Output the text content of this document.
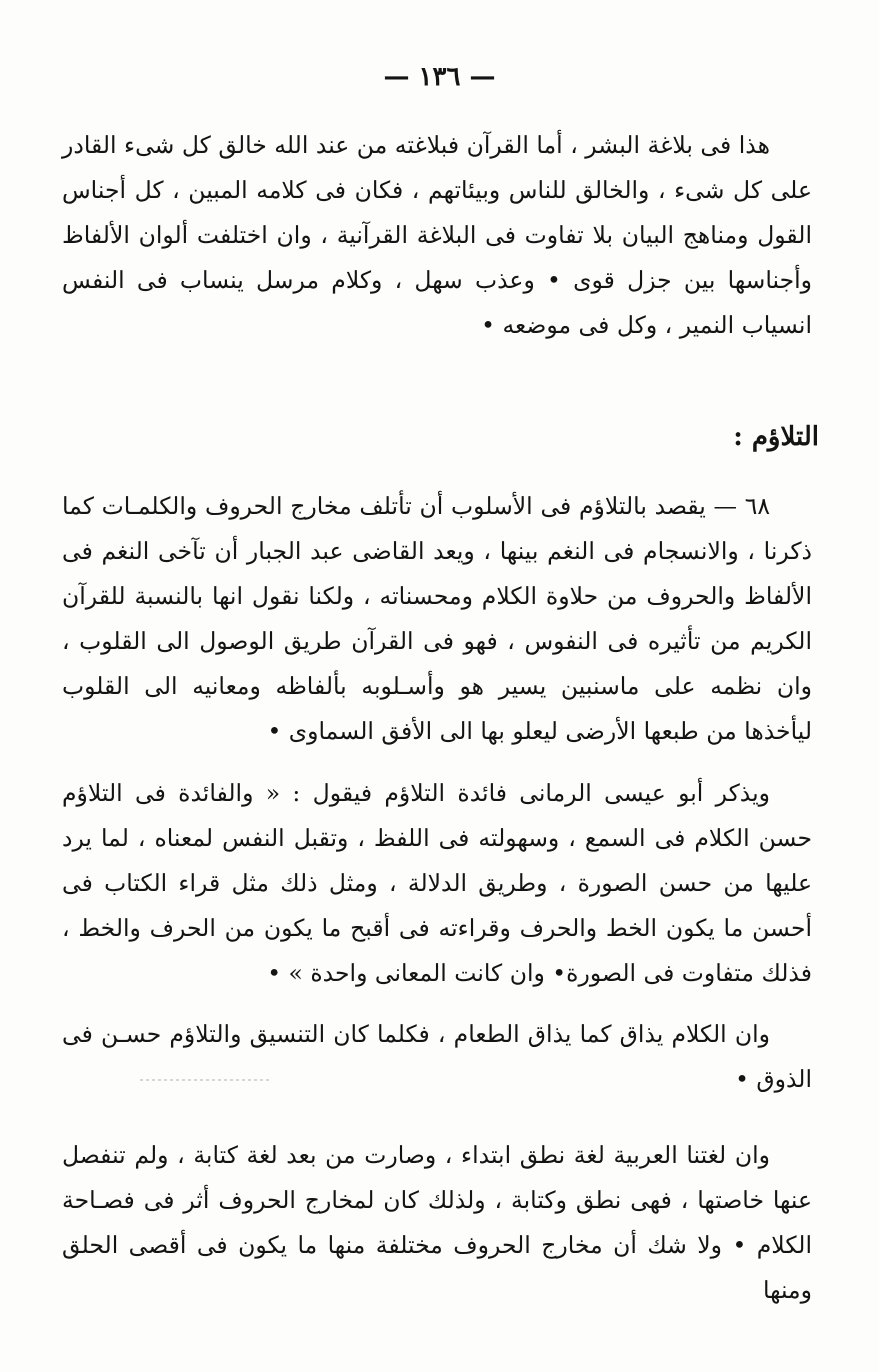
— ١٣٦ —

هذا فى بلاغة البشر ، أما القرآن فبلاغته من عند الله خالق كل شىء القادر على كل شىء ، والخالق للناس وبيئاتهم ، فكان فى كلامه المبين ، كل أجناس القول ومناهج البيان بلا تفاوت فى البلاغة القرآنية ، وان اختلفت ألوان الألفاظ وأجناسها بين جزل قوى • وعذب سهل ، وكلام مرسل ينساب فى النفس انسياب النمير ، وكل فى موضعه •

التلاؤم :

٦٨ — يقصد بالتلاؤم فى الأسلوب أن تأتلف مخارج الحروف والكلمـات كما ذكرنا ، والانسجام فى النغم بينها ، ويعد القاضى عبد الجبار أن تآخى النغم فى الألفاظ والحروف من حلاوة الكلام ومحسناته ، ولكنا نقول انها بالنسبة للقرآن الكريم من تأثيره فى النفوس ، فهو فى القرآن طريق الوصول الى القلوب ، وان نظمه على ماسنبين يسير هو وأسـلوبه بألفاظه ومعانيه الى القلوب ليأخذها من طبعها الأرضى ليعلو بها الى الأفق السماوى •

ويذكر أبو عيسى الرمانى فائدة التلاؤم فيقول : « والفائدة فى التلاؤم حسن الكلام فى السمع ، وسهولته فى اللفظ ، وتقبل النفس لمعناه ، لما يرد عليها من حسن الصورة ، وطريق الدلالة ، ومثل ذلك مثل قراء الكتاب فى أحسن ما يكون الخط والحرف وقراءته فى أقبح ما يكون من الحرف والخط ، فذلك متفاوت فى الصورة• وان كانت المعانى واحدة » •

وان الكلام يذاق كما يذاق الطعام ، فكلما كان التنسيق والتلاؤم حسـن فى الذوق •

وان لغتنا العربية لغة نطق ابتداء ، وصارت من بعد لغة كتابة ، ولم تنفصل عنها خاصتها ، فهى نطق وكتابة ، ولذلك كان لمخارج الحروف أثر فى فصـاحة الكلام • ولا شك أن مخارج الحروف مختلفة منها ما يكون فى أقصى الحلق ومنها
